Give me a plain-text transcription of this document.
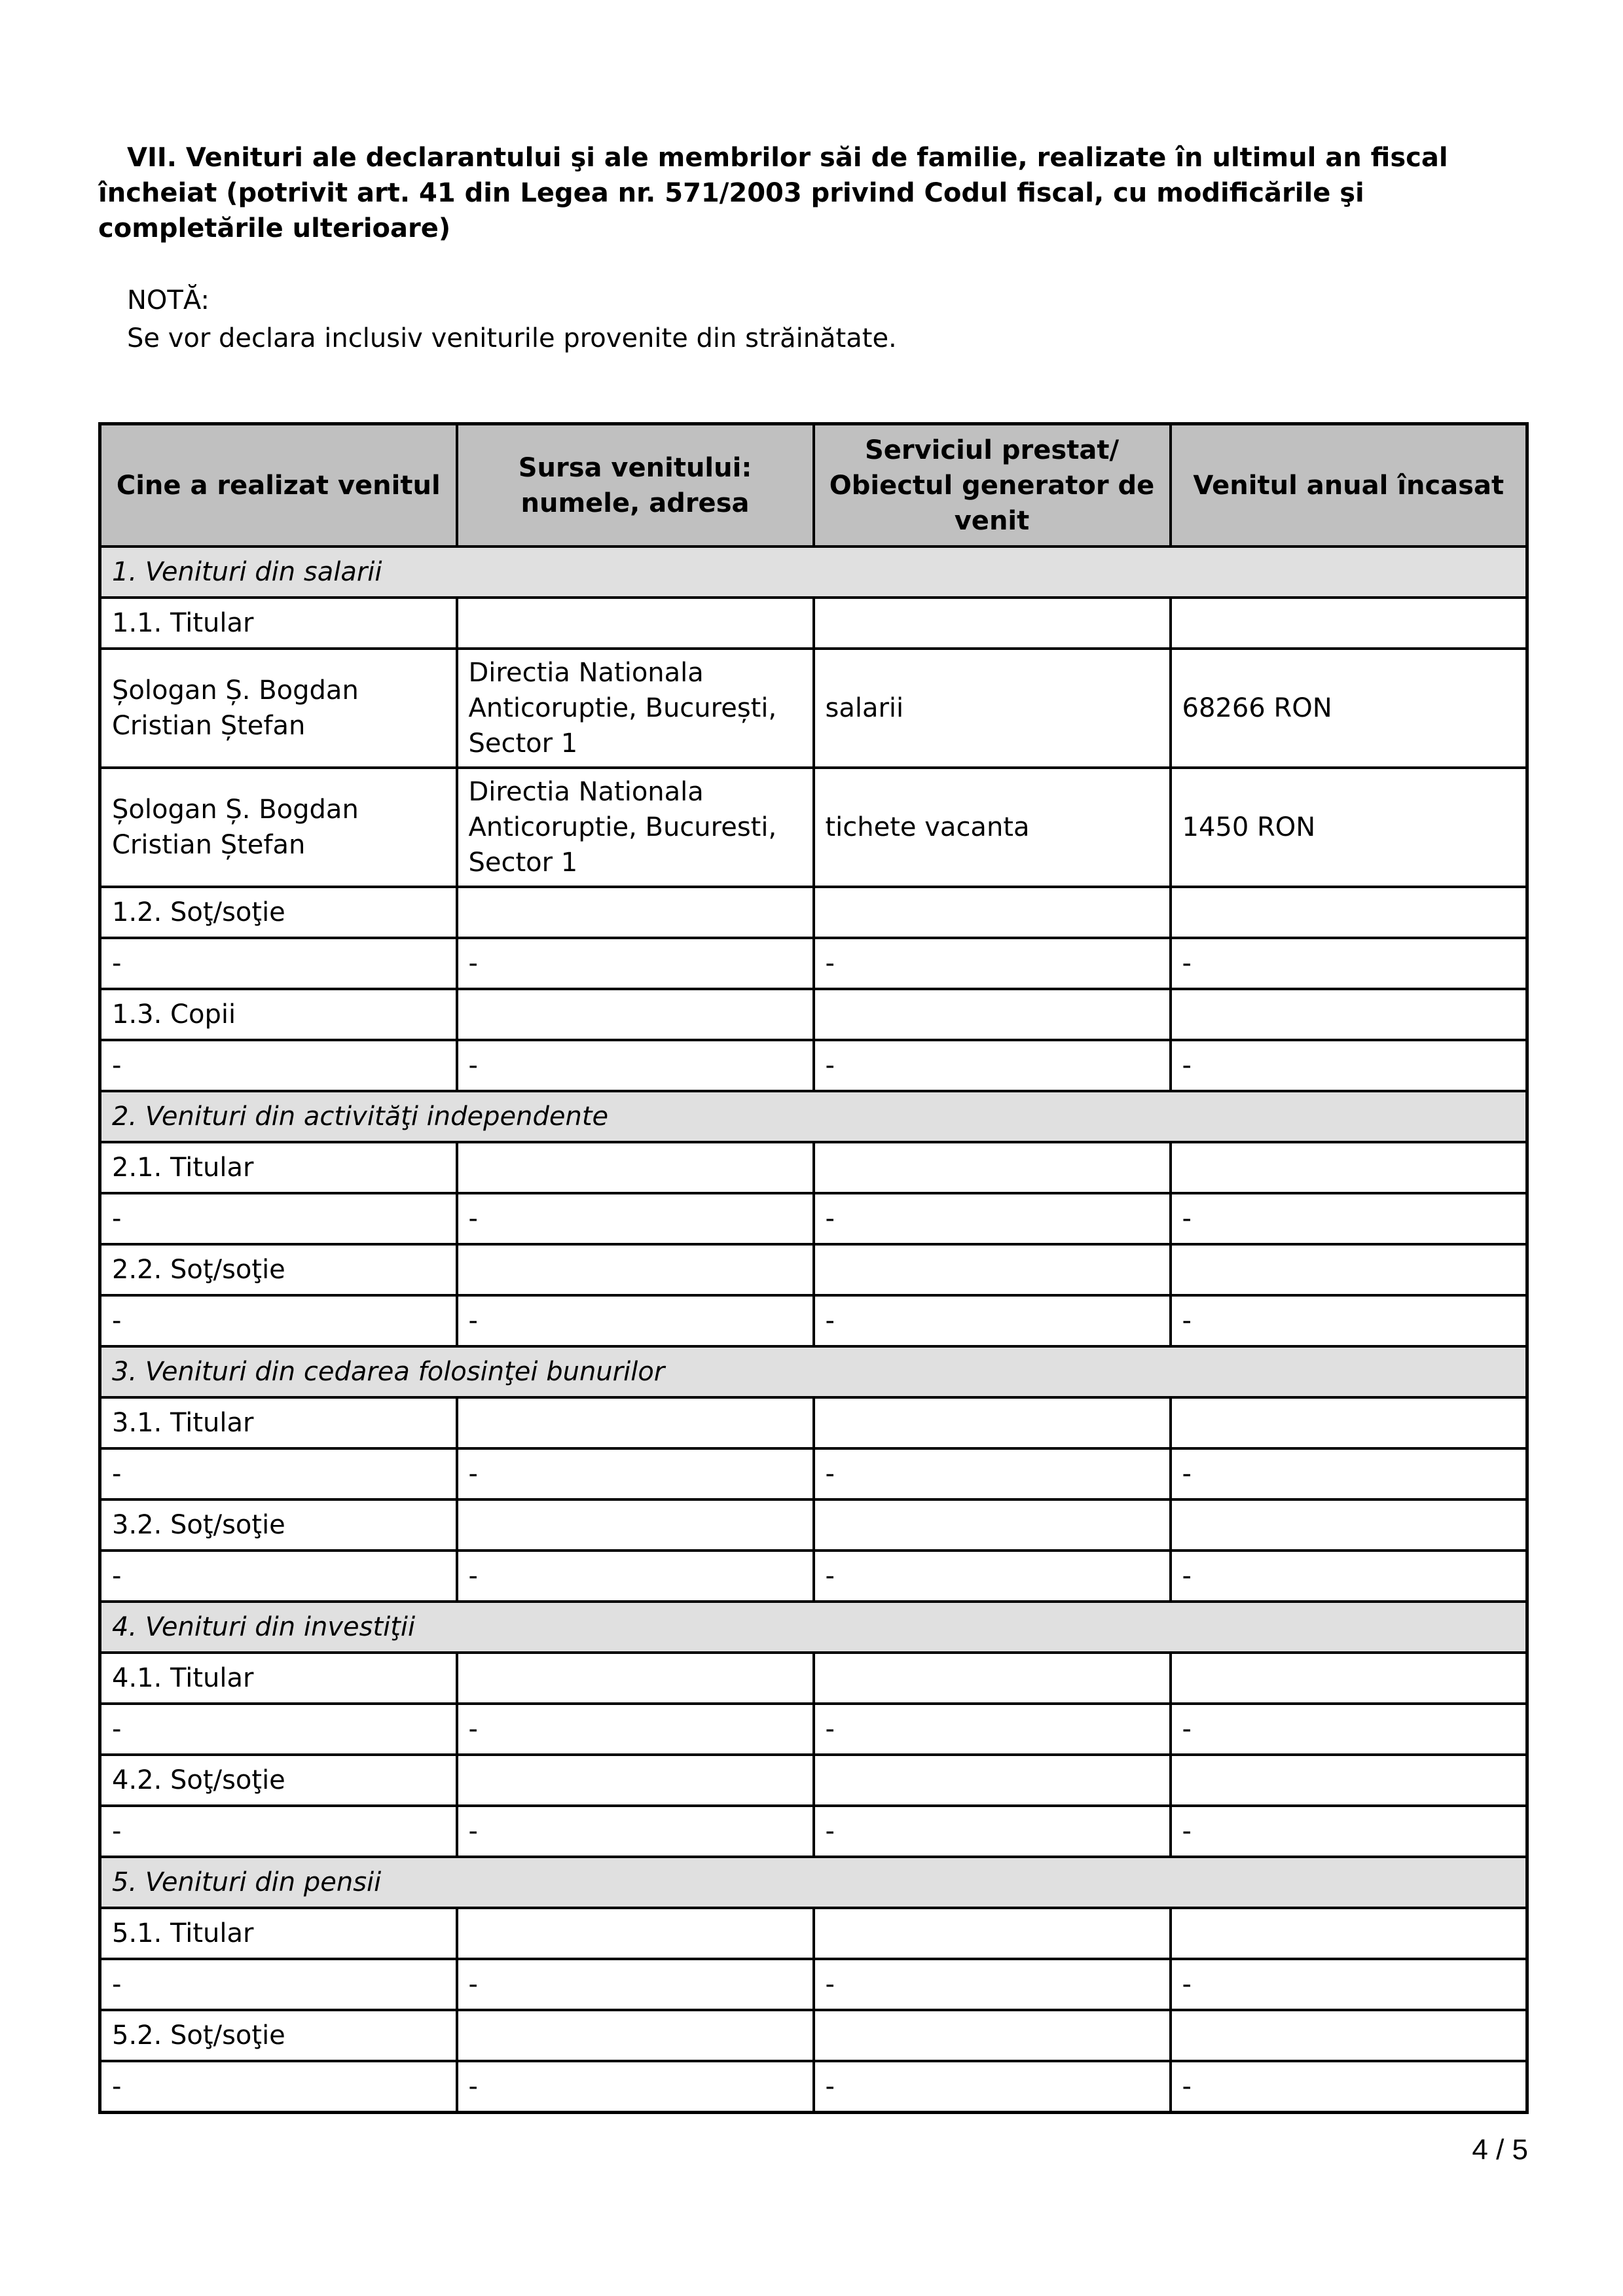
VII. Venituri ale declarantului şi ale membrilor săi de familie, realizate în ultimul an fiscal încheiat (potrivit art. 41 din Legea nr. 571/2003 privind Codul fiscal, cu modificările şi completările ulterioare)
NOTĂ:
Se vor declara inclusiv veniturile provenite din străinătate.
Cine a realizat venitul	Sursa venitului: numele, adresa	Serviciul prestat/ Obiectul generator de venit	Venitul anual încasat
1. Venituri din salarii			
1.1. Titular			
Șologan Ș. Bogdan Cristian Ștefan	Directia Nationala Anticoruptie, București, Sector 1	salarii	68266 RON
Șologan Ș. Bogdan Cristian Ștefan	Directia Nationala Anticoruptie, Bucuresti, Sector 1	tichete vacanta	1450 RON
1.2. Soţ/soţie			
-	-	-	-
1.3. Copii			
-	-	-	-
2. Venituri din activităţi independente			
2.1. Titular			
-	-	-	-
2.2. Soţ/soţie			
-	-	-	-
3. Venituri din cedarea folosinţei bunurilor			
3.1. Titular			
-	-	-	-
3.2. Soţ/soţie			
-	-	-	-
4. Venituri din investiţii			
4.1. Titular			
-	-	-	-
4.2. Soţ/soţie			
-	-	-	-
5. Venituri din pensii			
5.1. Titular			
-	-	-	-
5.2. Soţ/soţie			
-	-	-	-
4 / 5
